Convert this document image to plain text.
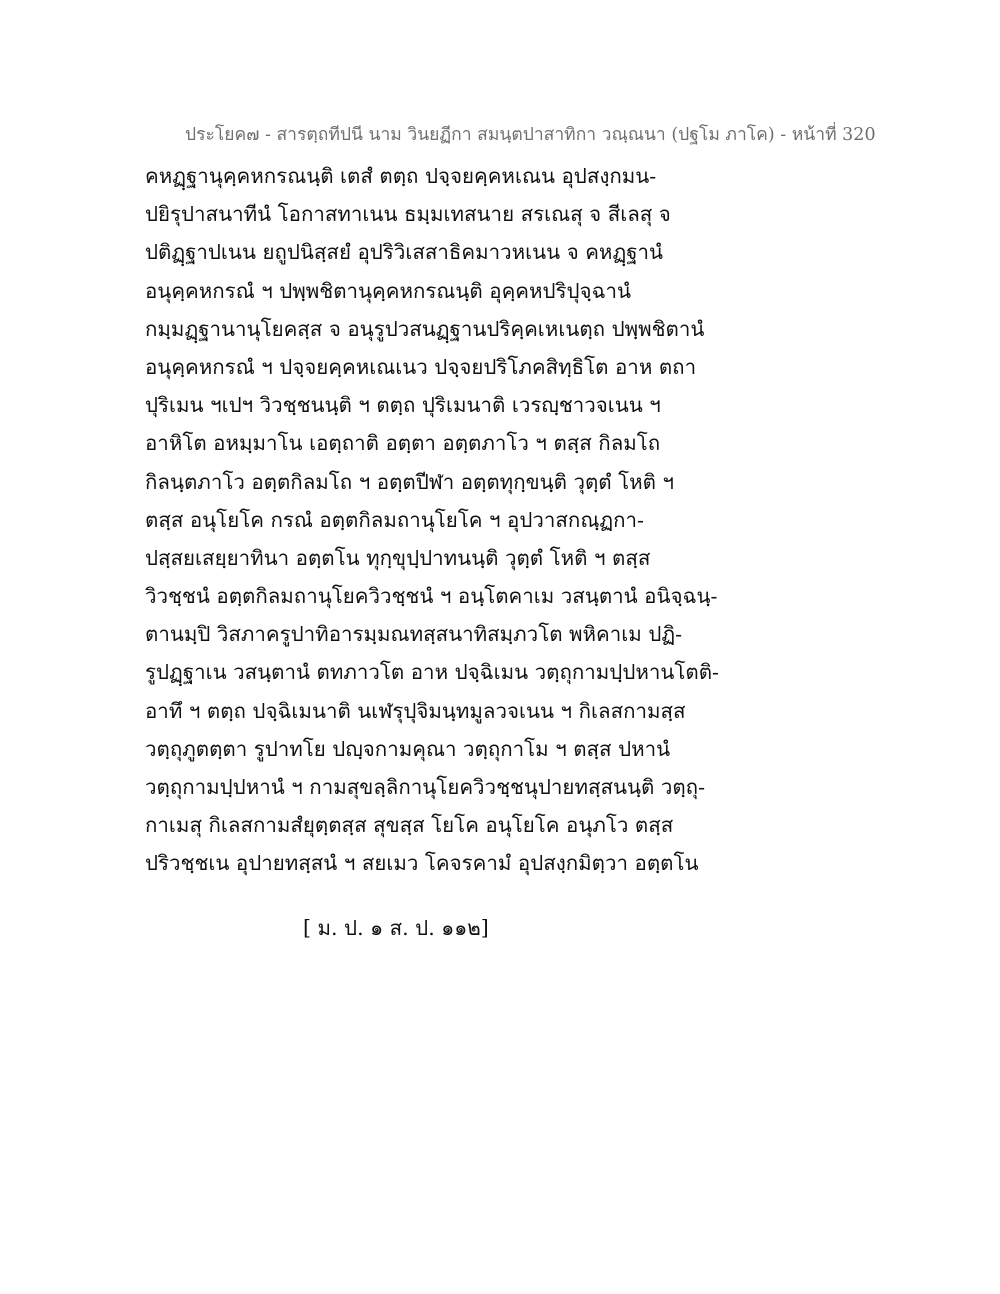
ประโยค๗ - สารตฺถทีปนี นาม วินยฏีกา สมนฺตปาสาทิกา วณฺณนา (ปฐโม ภาโค) - หน้าที่ 320
คหฏฺฐานุคฺคหกรณนฺติ เตสํ ตตฺถ ปจฺจยคฺคหเณน อุปสงฺกมน-
ปยิรุปาสนาทีนํ โอกาสทาเนน ธมฺมเทสนาย สรเณสุ จ สีเลสุ จ
ปติฏฺฐาปเนน ยถูปนิสฺสยํ อุปริวิเสสาธิคมาวหเนน จ คหฏฺฐานํ
อนุคฺคหกรณํ ฯ ปพฺพชิตานุคฺคหกรณนฺติ อุคฺคหปริปุจฺฉานํ
กมฺมฏฺฐานานุโยคสฺส จ อนุรูปวสนฏฺฐานปริคฺคเหเนตฺถ ปพฺพชิตานํ
อนุคฺคหกรณํ ฯ ปจฺจยคฺคหเณเนว ปจฺจยปริโภคสิทฺธิโต อาห ตถา
ปุริเมน ฯเปฯ วิวชฺชนนฺติ ฯ ตตฺถ ปุริเมนาติ เวรญฺชาวจเนน ฯ
อาหิโต อหมฺมาโน เอตฺถาติ อตฺตา อตฺตภาโว ฯ ตสฺส กิลมโถ
กิลนฺตภาโว อตฺตกิลมโถ ฯ อตฺตปีฬา อตฺตทุกฺขนฺติ วุตฺตํ โหติ ฯ
ตสฺส อนุโยโค กรณํ อตฺตกิลมถานุโยโค ฯ อุปวาสกณฺฏกา-
ปสฺสยเสยฺยาทินา อตฺตโน ทุกฺขุปฺปาทนนฺติ วุตฺตํ โหติ ฯ ตสฺส
วิวชฺชนํ อตฺตกิลมถานุโยควิวชฺชนํ ฯ อนฺโตคาเม วสนฺตานํ อนิจฺฉนฺ-
ตานมฺปิ วิสภาครูปาทิอารมฺมณทสฺสนาทิสมฺภวโต พหิคาเม ปฏิ-
รูปฏฺฐาเน วสนฺตานํ ตทภาวโต อาห ปจฺฉิเมน วตฺถุกามปฺปหานโตติ-
อาทึ ฯ ตตฺถ ปจฺฉิเมนาติ นเฬรุปุจิมนฺทมูลวจเนน ฯ กิเลสกามสฺส
วตฺถุภูตตฺตา รูปาทโย ปญฺจกามคุณา วตฺถุกาโม ฯ ตสฺส ปหานํ
วตฺถุกามปฺปหานํ ฯ กามสุขลฺลิกานุโยควิวชฺชนุปายทสฺสนนฺติ วตฺถุ-
กาเมสุ กิเลสกามสํยุตฺตสฺส สุขสฺส โยโค อนุโยโค อนุภโว ตสฺส
ปริวชฺชเน อุปายทสฺสนํ ฯ สยเมว โคจรคามํ อุปสงฺกมิตฺวา อตฺตโน
[ ม. ป. ๑ ส. ป. ๑๑๒]
